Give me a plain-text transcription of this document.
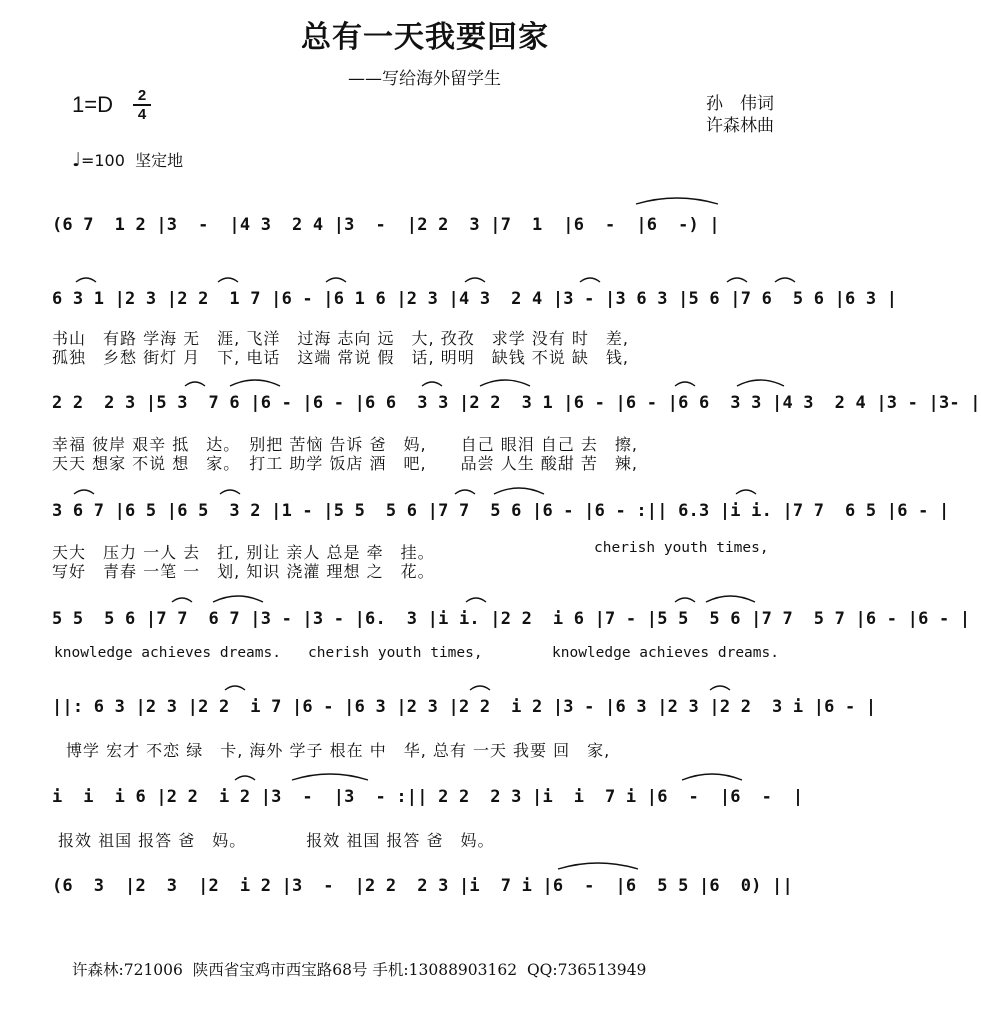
总有一天我要回家
——写给海外留学生
1=D	2
4
孙　伟词
许森林曲
♩=100 坚定地
(6 7  1 2 |3  -  |4 3  2 4 |3  -  |2 2  3 |7  1  |6  -  |6  -) |
6 3 1 |2 3 |2 2  1 7 |6 - |6 1 6 |2 3 |4 3  2 4 |3 - |3 6 3 |5 6 |7 6  5 6 |6 3 |
书山　有路 学海 无　涯, 飞洋　过海 志向 远　大, 孜孜　求学 没有 时　差,
孤独　乡愁 街灯 月　下, 电话　这端 常说 假　话, 明明　缺钱 不说 缺　钱,
2 2  2 3 |5 3  7 6 |6 - |6 - |6 6  3 3 |2 2  3 1 |6 - |6 - |6 6  3 3 |4 3  2 4 |3 - |3- |
幸福 彼岸 艰辛 抵　达。　别把 苦恼 告诉 爸　妈,　　自己 眼泪 自己 去　擦,
天天 想家 不说 想　家。　打工 助学 饭店 酒　吧,　　品尝 人生 酸甜 苦　辣,
3 6 7 |6 5 |6 5  3 2 |1 - |5 5  5 6 |7 7  5 6 |6 - |6 - :|| 6.3 |i i. |7 7  6 5 |6 - |
天大　压力 一人 去　扛, 别让 亲人 总是 牵　挂。
写好　青春 一笔 一　划, 知识 浇灌 理想 之　花。
cherish youth times,
5 5  5 6 |7 7  6 7 |3 - |3 - |6.  3 |i i. |2 2  i 6 |7 - |5 5  5 6 |7 7  5 7 |6 - |6 - |
knowledge achieves dreams. cherish youth times,	knowledge achieves dreams.
||: 6 3 |2 3 |2 2  i 7 |6 - |6 3 |2 3 |2 2  i 2 |3 - |6 3 |2 3 |2 2  3 i |6 - |
博学 宏才 不恋 绿　卡, 海外 学子 根在 中　华, 总有 一天 我要 回　家,
i  i  i 6 |2 2  i 2 |3  -  |3  - :|| 2 2  2 3 |i  i  7 i |6  -  |6  -  |
报效 祖国 报答 爸　妈。　　　　报效 祖国 报答 爸　妈。
(6  3  |2  3  |2  i 2 |3  -  |2 2  2 3 |i  7 i |6  -  |6  5 5 |6  0) ||
许森林:721006  陕西省宝鸡市西宝路68号 手机:13088903162  QQ:736513949
